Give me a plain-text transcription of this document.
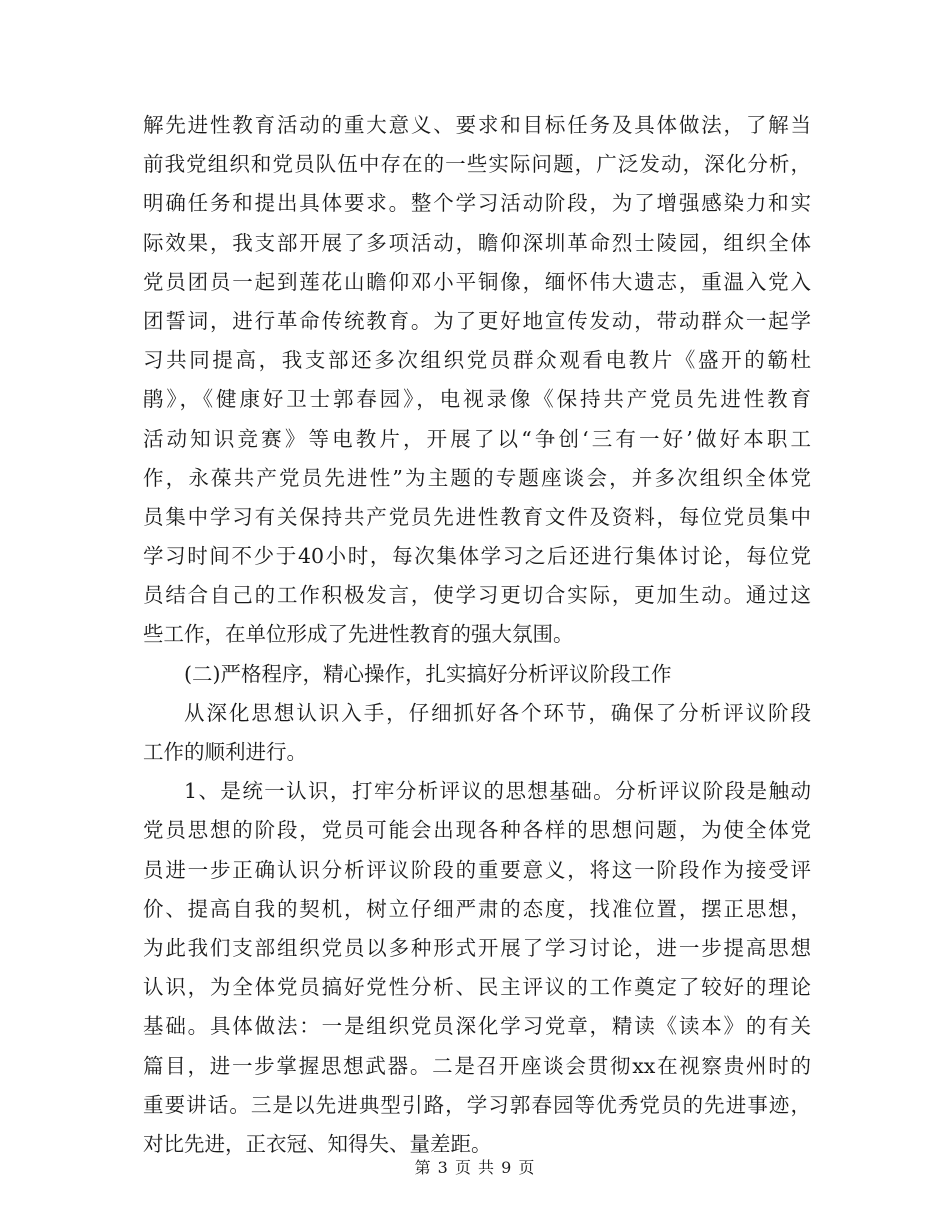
解先进性教育活动的重大意义、要求和目标任务及具体做法，了解当
前我党组织和党员队伍中存在的一些实际问题，广泛发动，深化分析，
明确任务和提出具体要求。整个学习活动阶段，为了增强感染力和实
际效果，我支部开展了多项活动，瞻仰深圳革命烈士陵园，组织全体
党员团员一起到莲花山瞻仰邓小平铜像，缅怀伟大遗志，重温入党入
团誓词，进行革命传统教育。为了更好地宣传发动，带动群众一起学
习共同提高，我支部还多次组织党员群众观看电教片《盛开的簕杜
鹃》，《健康好卫士郭春园》，电视录像《保持共产党员先进性教育
活动知识竞赛》等电教片，开展了以“争创‘三有一好’做好本职工
作，永葆共产党员先进性”为主题的专题座谈会，并多次组织全体党
员集中学习有关保持共产党员先进性教育文件及资料，每位党员集中
学习时间不少于40小时，每次集体学习之后还进行集体讨论，每位党
员结合自己的工作积极发言，使学习更切合实际，更加生动。通过这
些工作，在单位形成了先进性教育的强大氛围。
(二)严格程序，精心操作，扎实搞好分析评议阶段工作
从深化思想认识入手，仔细抓好各个环节，确保了分析评议阶段
工作的顺利进行。
1、是统一认识，打牢分析评议的思想基础。分析评议阶段是触动
党员思想的阶段，党员可能会出现各种各样的思想问题，为使全体党
员进一步正确认识分析评议阶段的重要意义，将这一阶段作为接受评
价、提高自我的契机，树立仔细严肃的态度，找准位置，摆正思想，
为此我们支部组织党员以多种形式开展了学习讨论，进一步提高思想
认识，为全体党员搞好党性分析、民主评议的工作奠定了较好的理论
基础。具体做法：一是组织党员深化学习党章，精读《读本》的有关
篇目，进一步掌握思想武器。二是召开座谈会贯彻xx在视察贵州时的
重要讲话。三是以先进典型引路，学习郭春园等优秀党员的先进事迹，
对比先进，正衣冠、知得失、量差距。
第 3 页 共 9 页
